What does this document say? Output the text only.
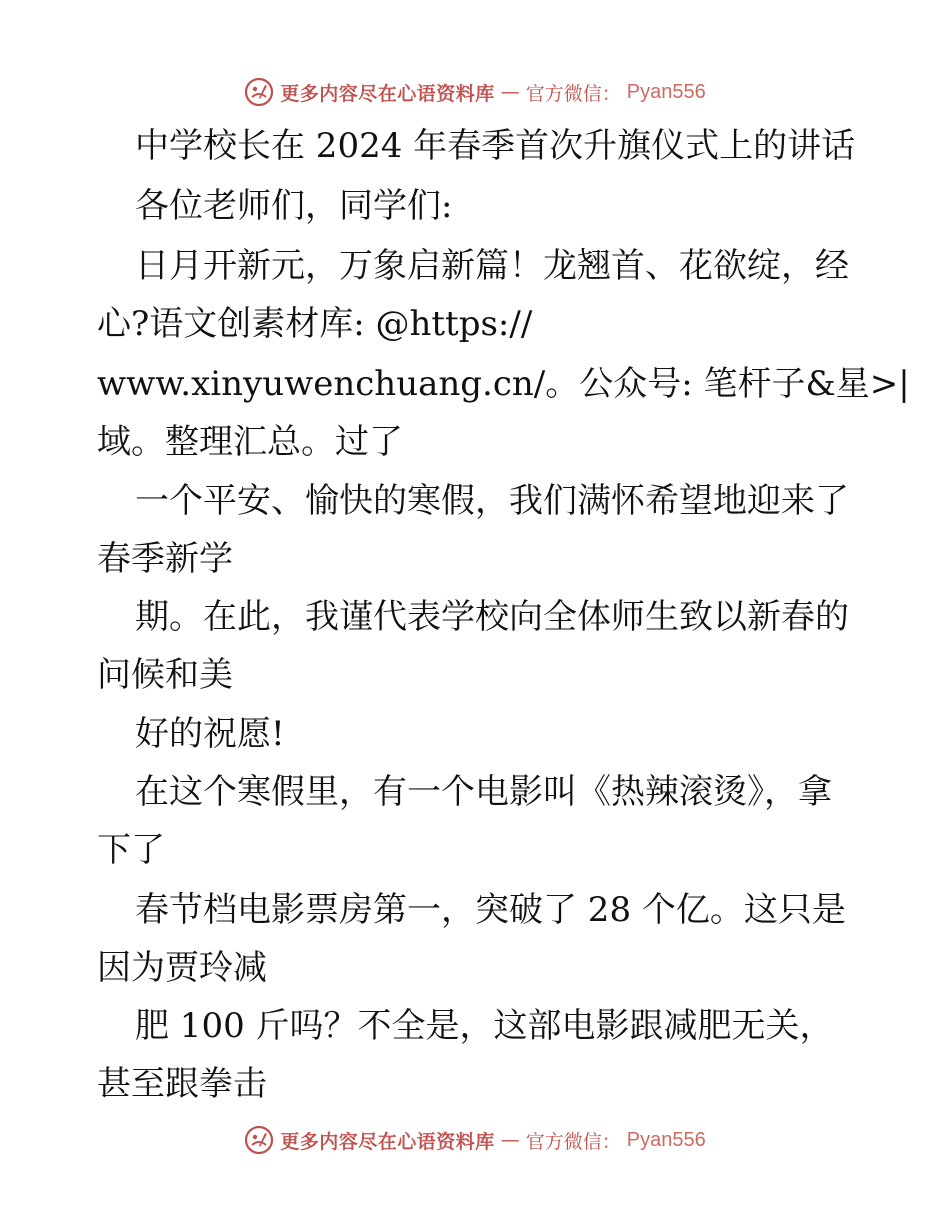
更多内容尽在心语资料库 — 官方微信： Pyan556
中学校长在 2024 年春季首次升旗仪式上的讲话
各位老师们，同学们:
日月开新元，万象启新篇！龙翘首、花欲绽，经
心?语文创素材库: @https://
www.xinyuwenchuang.cn/。公众号: 笔杆子&星>|
域。整理汇总。过了
一个平安、愉快的寒假，我们满怀希望地迎来了
春季新学
期。在此，我谨代表学校向全体师生致以新春的
问候和美
好的祝愿!
在这个寒假里，有一个电影叫《热辣滚烫》，拿
下了
春节档电影票房第一，突破了 28 个亿。这只是
因为贾玲减
肥 100 斤吗？不全是，这部电影跟减肥无关，
甚至跟拳击
更多内容尽在心语资料库 — 官方微信： Pyan556
